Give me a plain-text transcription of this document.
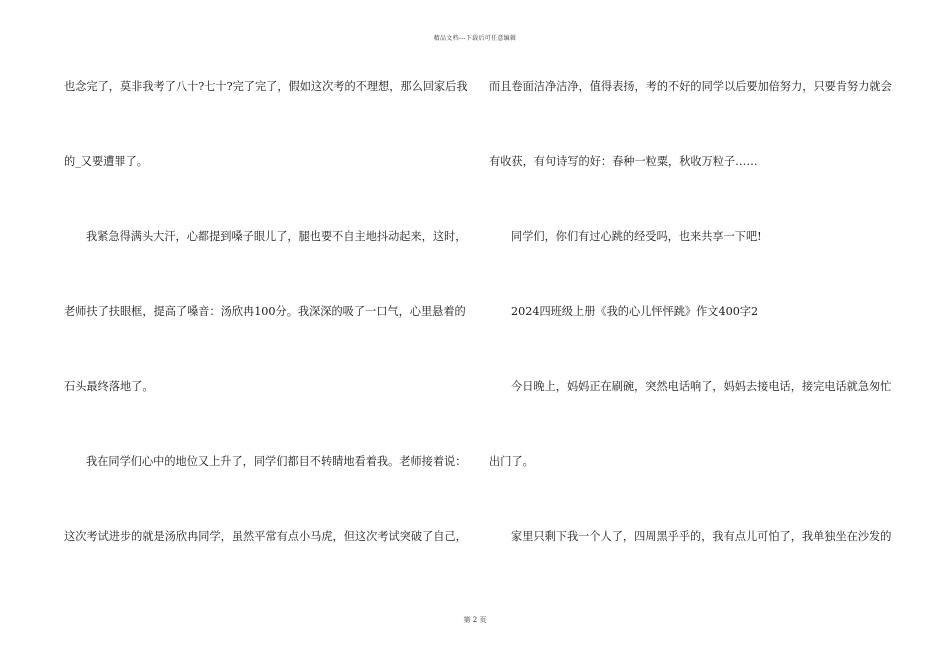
精品文档---下载后可任意编辑
也念完了，莫非我考了八十?七十?完了完了，假如这次考的不理想，那么回家后我
的_又要遭罪了。
我紧急得满头大汗，心都提到嗓子眼儿了，腿也要不自主地抖动起来，这时，
老师扶了扶眼框，提高了嗓音：汤欣冉100分。我深深的吸了一口气，心里悬着的
石头最终落地了。
我在同学们心中的地位又上升了，同学们都目不转睛地看着我。老师接着说：
这次考试进步的就是汤欣冉同学，虽然平常有点小马虎，但这次考试突破了自己，
而且卷面洁净洁净，值得表扬，考的不好的同学以后要加倍努力，只要肯努力就会
有收获，有句诗写的好：春种一粒粟，秋收万粒子……
同学们，你们有过心跳的经受吗，也来共享一下吧!
2024四班级上册《我的心儿怦怦跳》作文400字2
今日晚上，妈妈正在刷碗，突然电话响了，妈妈去接电话，接完电话就急匆忙
出门了。
家里只剩下我一个人了，四周黑乎乎的，我有点儿可怕了，我单独坐在沙发的
第 2 页
